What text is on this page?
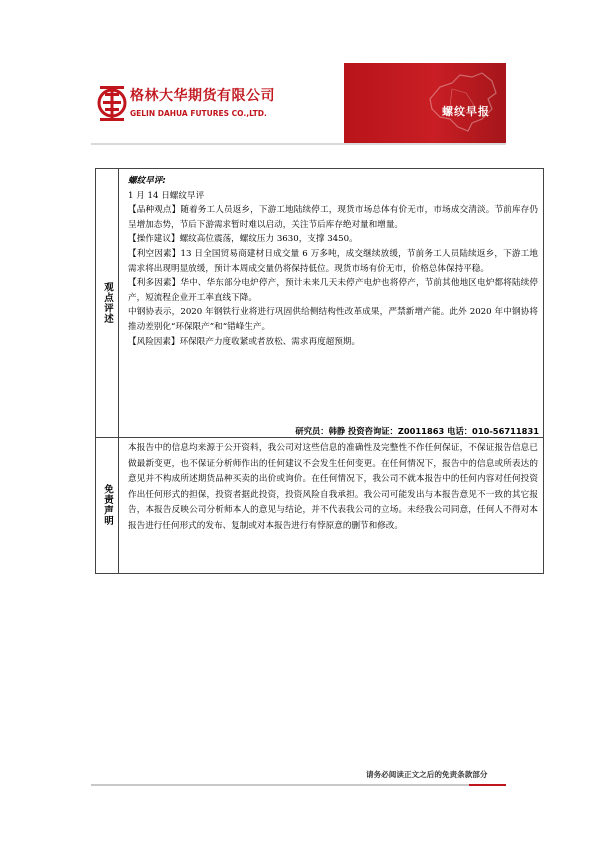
格林大华期货有限公司
GELIN DAHUA FUTURES CO.,LTD.	螺纹早报
观点评述
免责声明

螺纹早评:

1 月 14 日螺纹早评

【品种观点】随着务工人员返乡，下游工地陆续停工，现货市场总体有价无市，市场成交清淡。节前库存仍呈增加态势，节后下游需求暂时难以启动，关注节后库存绝对量和增量。

【操作建议】螺纹高位震荡，螺纹压力 3630，支撑 3450。

【利空因素】13 日全国贸易商建材日成交量 6 万多吨，成交继续放缓，节前务工人员陆续返乡，下游工地需求将出现明显放缓，预计本周成交量仍将保持低位。现货市场有价无市，价格总体保持平稳。

【利多因素】华中、华东部分电炉停产，预计未来几天未停产电炉也将停产，节前其他地区电炉都将陆续停产，短流程企业开工率直线下降。

中钢协表示，2020 年钢铁行业将进行巩固供给侧结构性改革成果，严禁新增产能。此外 2020 年中钢协将推动差别化“环保限产”和“错峰生产。

【风险因素】环保限产力度收紧或者放松、需求再度超预期。

研究员：韩静 投资咨询证：Z0011863 电话：010-56711831
本报告中的信息均来源于公开资料，我公司对这些信息的准确性及完整性不作任何保证，不保证报告信息已做最新变更，也不保证分析师作出的任何建议不会发生任何变更。在任何情况下，报告中的信息或所表达的意见并不构成所述期货品种买卖的出价或询价。在任何情况下，我公司不就本报告中的任何内容对任何投资作出任何形式的担保，投资者据此投资，投资风险自我承担。我公司可能发出与本报告意见不一致的其它报告，本报告反映公司分析师本人的意见与结论，并不代表我公司的立场。未经我公司同意，任何人不得对本报告进行任何形式的发布、复制或对本报告进行有悖原意的删节和修改。
请务必阅读正文之后的免责条款部分
